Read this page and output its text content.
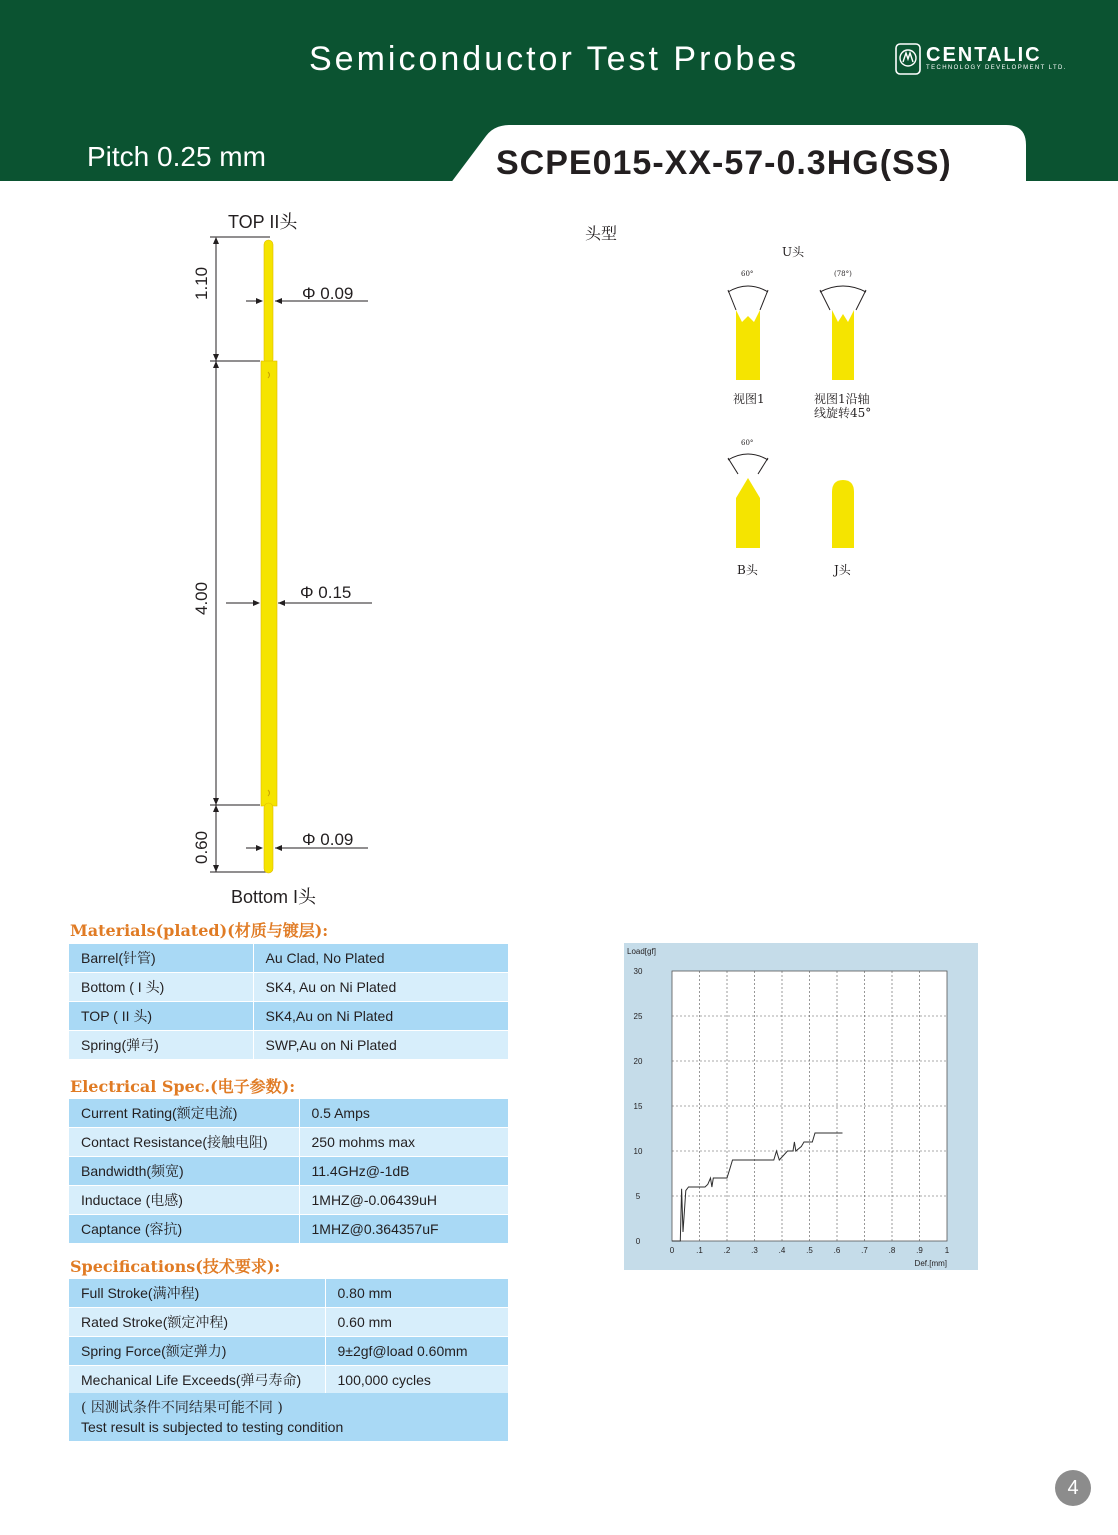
Semiconductor Test Probes	CENTALIC
TECHNOLOGY DEVELOPMENT LTD.
Pitch 0.25 mm	SCPE015-XX-57-0.3HG(SS)
TOP II头
Bottom I头
Φ 0.09
Φ 0.15
Φ 0.09
1.10
4.00
0.60
头型
U头
60°	(78°)
60°
视图1	视图1沿轴
线旋转45°
B头	J头
Materials(plated)(材质与镀层):
Barrel(针管)	Au Clad, No Plated
Bottom ( I 头)	SK4, Au on Ni Plated
TOP ( II 头)	SK4,Au on Ni Plated
Spring(弹弓)	SWP,Au on Ni Plated
Electrical Spec.(电子参数):
Current Rating(额定电流)	0.5 Amps
Contact Resistance(接触电阻)	250 mohms max
Bandwidth(频宽)	11.4GHz@-1dB
Inductace (电感)	1MHZ@-0.06439uH
Captance (容抗)	1MHZ@0.364357uF
Specifications(技术要求):
Full Stroke(满冲程)	0.80 mm
Rated Stroke(额定冲程)	0.60 mm
Spring Force(额定弹力)	9±2gf@load 0.60mm
Mechanical Life Exceeds(弹弓寿命)	100,000 cycles
( 因测试条件不同结果可能不同 )
Test result is subjected to testing condition
0	.1	.2	.3	.4	.5	.6	.7	.8	.9	1
0
5
10
15
20
25
30
Load[gf]
Def.[mm]
4
